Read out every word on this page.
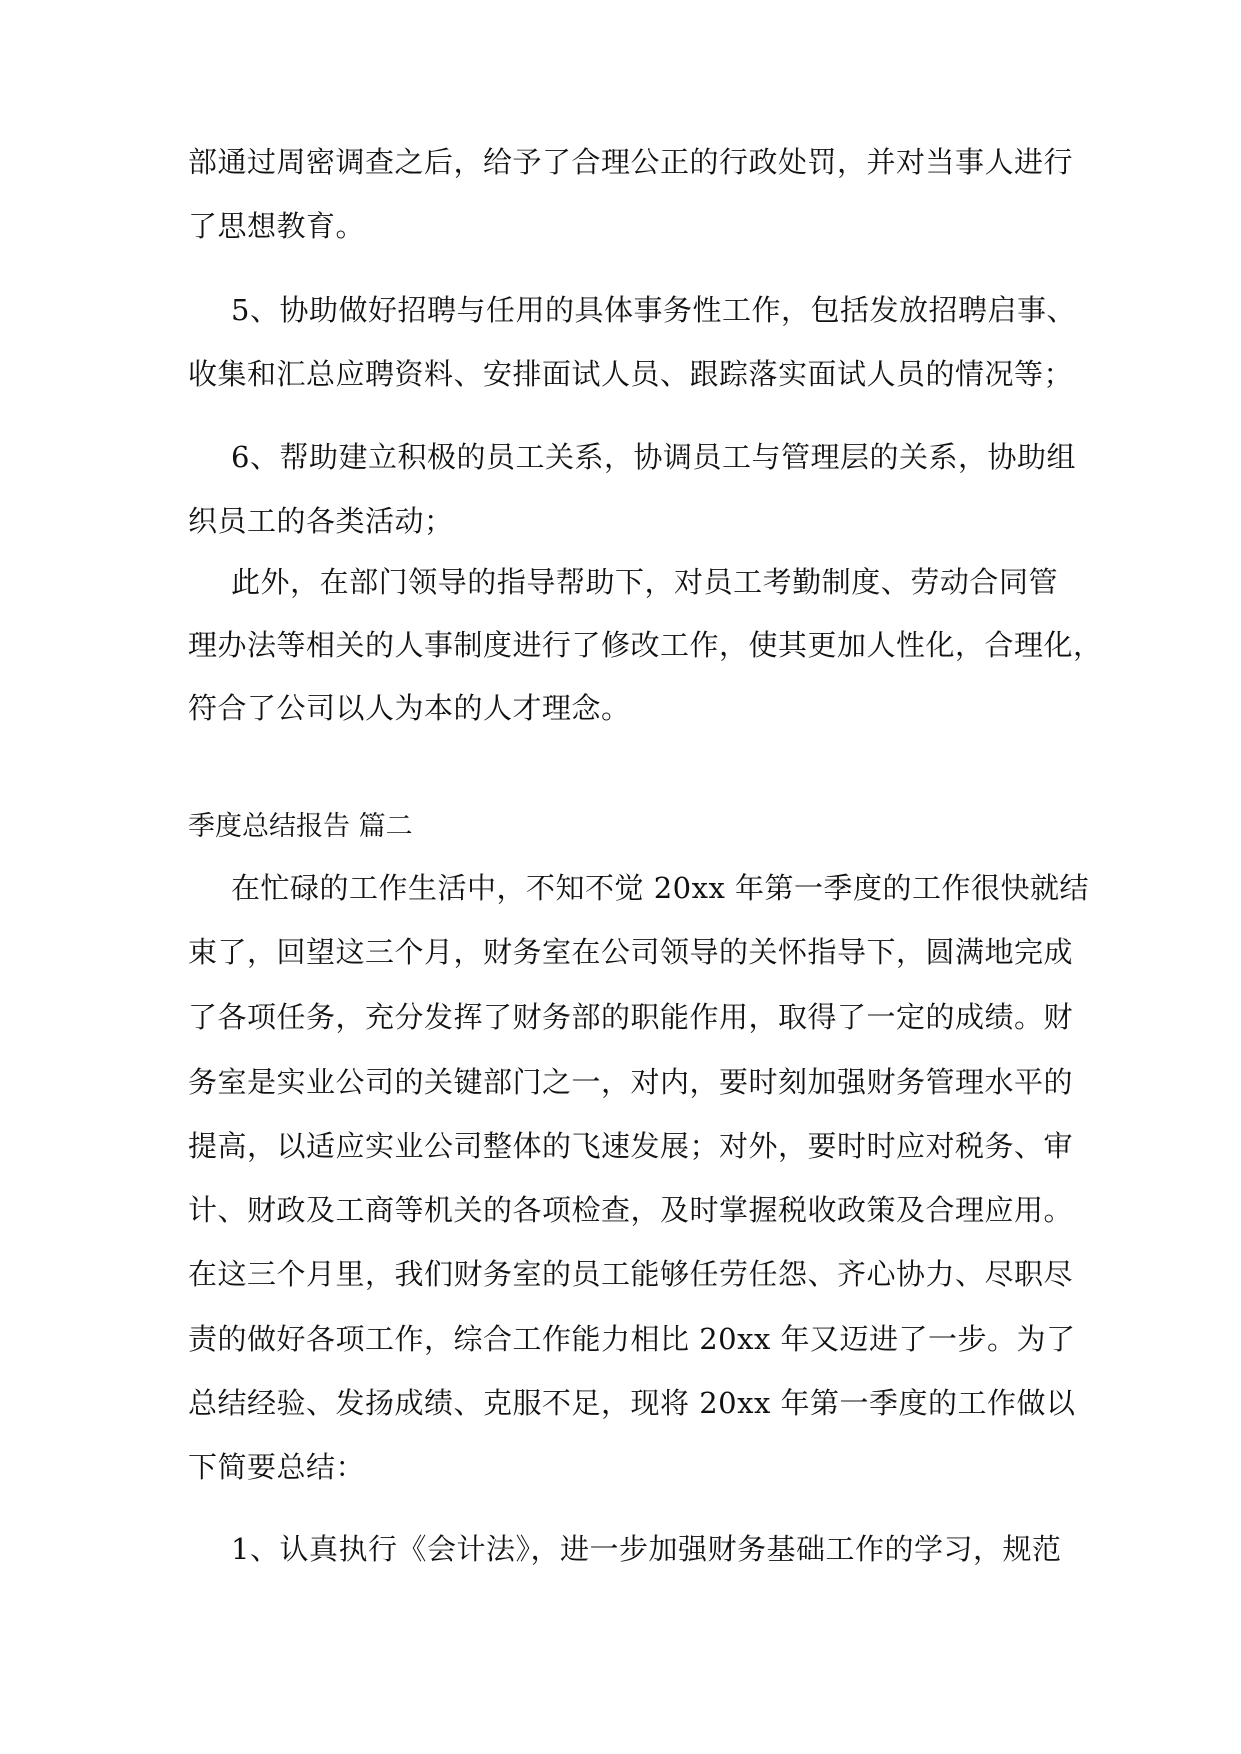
部通过周密调查之后，给予了合理公正的行政处罚，并对当事人进行
了思想教育。
5、协助做好招聘与任用的具体事务性工作，包括发放招聘启事、
收集和汇总应聘资料、安排面试人员、跟踪落实面试人员的情况等；
6、帮助建立积极的员工关系，协调员工与管理层的关系，协助组
织员工的各类活动；
此外，在部门领导的指导帮助下，对员工考勤制度、劳动合同管
理办法等相关的人事制度进行了修改工作，使其更加人性化，合理化，
符合了公司以人为本的人才理念。
季度总结报告 篇二
在忙碌的工作生活中，不知不觉 20xx 年第一季度的工作很快就结
束了，回望这三个月，财务室在公司领导的关怀指导下，圆满地完成
了各项任务，充分发挥了财务部的职能作用，取得了一定的成绩。财
务室是实业公司的关键部门之一，对内，要时刻加强财务管理水平的
提高，以适应实业公司整体的飞速发展；对外，要时时应对税务、审
计、财政及工商等机关的各项检查，及时掌握税收政策及合理应用。
在这三个月里，我们财务室的员工能够任劳任怨、齐心协力、尽职尽
责的做好各项工作，综合工作能力相比 20xx 年又迈进了一步。为了
总结经验、发扬成绩、克服不足，现将 20xx 年第一季度的工作做以
下简要总结：
1、认真执行《会计法》，进一步加强财务基础工作的学习，规范
